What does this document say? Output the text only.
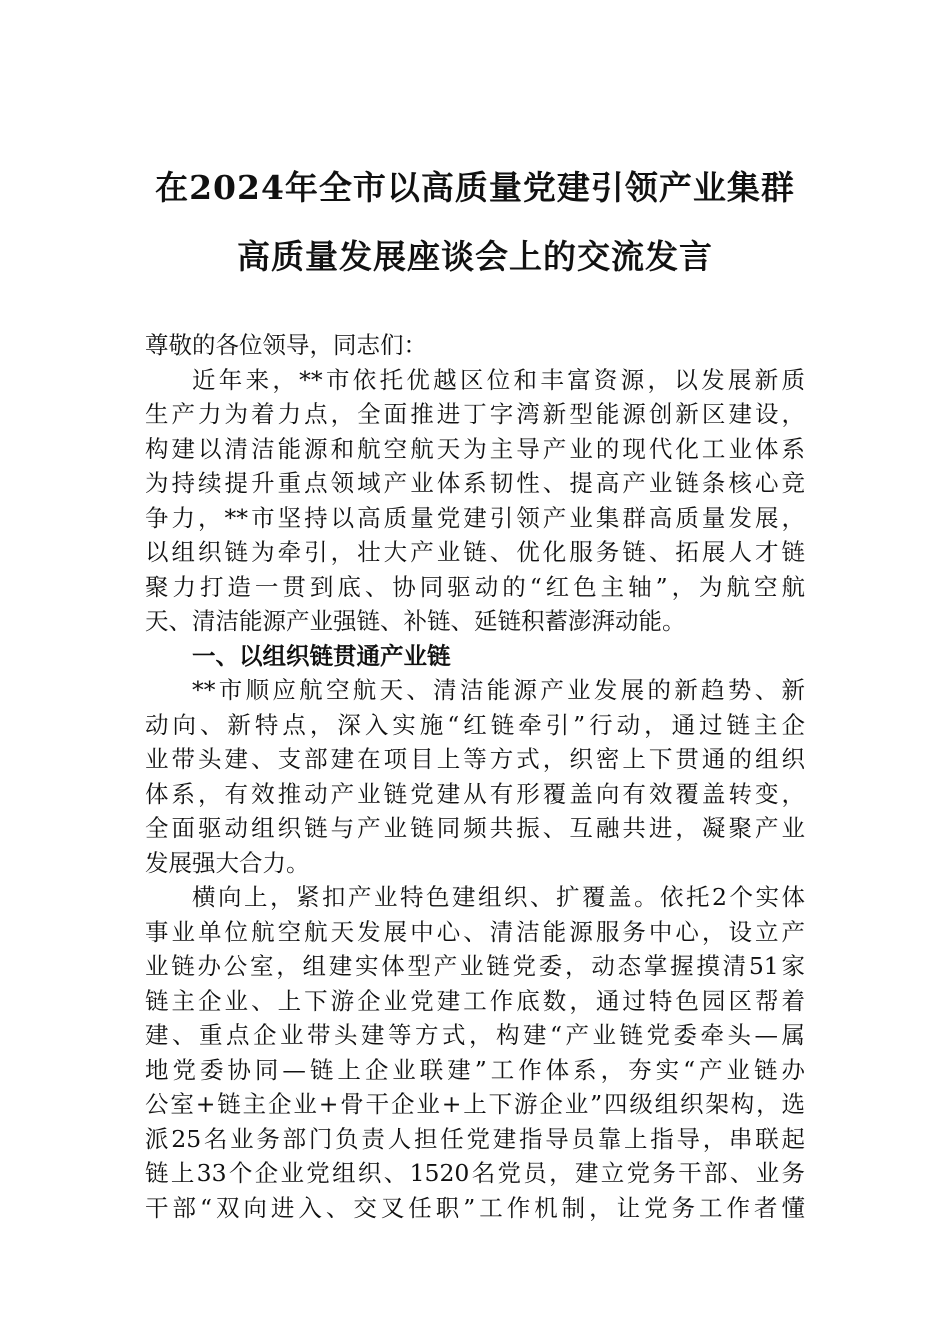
在2024年全市以高质量党建引领产业集群
高质量发展座谈会上的交流发言
尊敬的各位领导，同志们：
近年来，**市依托优越区位和丰富资源，以发展新质
生产力为着力点，全面推进丁字湾新型能源创新区建设，
构建以清洁能源和航空航天为主导产业的现代化工业体系
为持续提升重点领域产业体系韧性、提高产业链条核心竞
争力，**市坚持以高质量党建引领产业集群高质量发展，
以组织链为牵引，壮大产业链、优化服务链、拓展人才链
聚力打造一贯到底、协同驱动的“红色主轴”，为航空航
天、清洁能源产业强链、补链、延链积蓄澎湃动能。
一、以组织链贯通产业链
**市顺应航空航天、清洁能源产业发展的新趋势、新
动向、新特点，深入实施“红链牵引”行动，通过链主企
业带头建、支部建在项目上等方式，织密上下贯通的组织
体系，有效推动产业链党建从有形覆盖向有效覆盖转变，
全面驱动组织链与产业链同频共振、互融共进，凝聚产业
发展强大合力。
横向上，紧扣产业特色建组织、扩覆盖。依托2个实体
事业单位航空航天发展中心、清洁能源服务中心，设立产
业链办公室，组建实体型产业链党委，动态掌握摸清51家
链主企业、上下游企业党建工作底数，通过特色园区帮着
建、重点企业带头建等方式，构建“产业链党委牵头—属
地党委协同—链上企业联建”工作体系，夯实“产业链办
公室+链主企业+骨干企业+上下游企业”四级组织架构，选
派25名业务部门负责人担任党建指导员靠上指导，串联起
链上33个企业党组织、1520名党员，建立党务干部、业务
干部“双向进入、交叉任职”工作机制，让党务工作者懂
